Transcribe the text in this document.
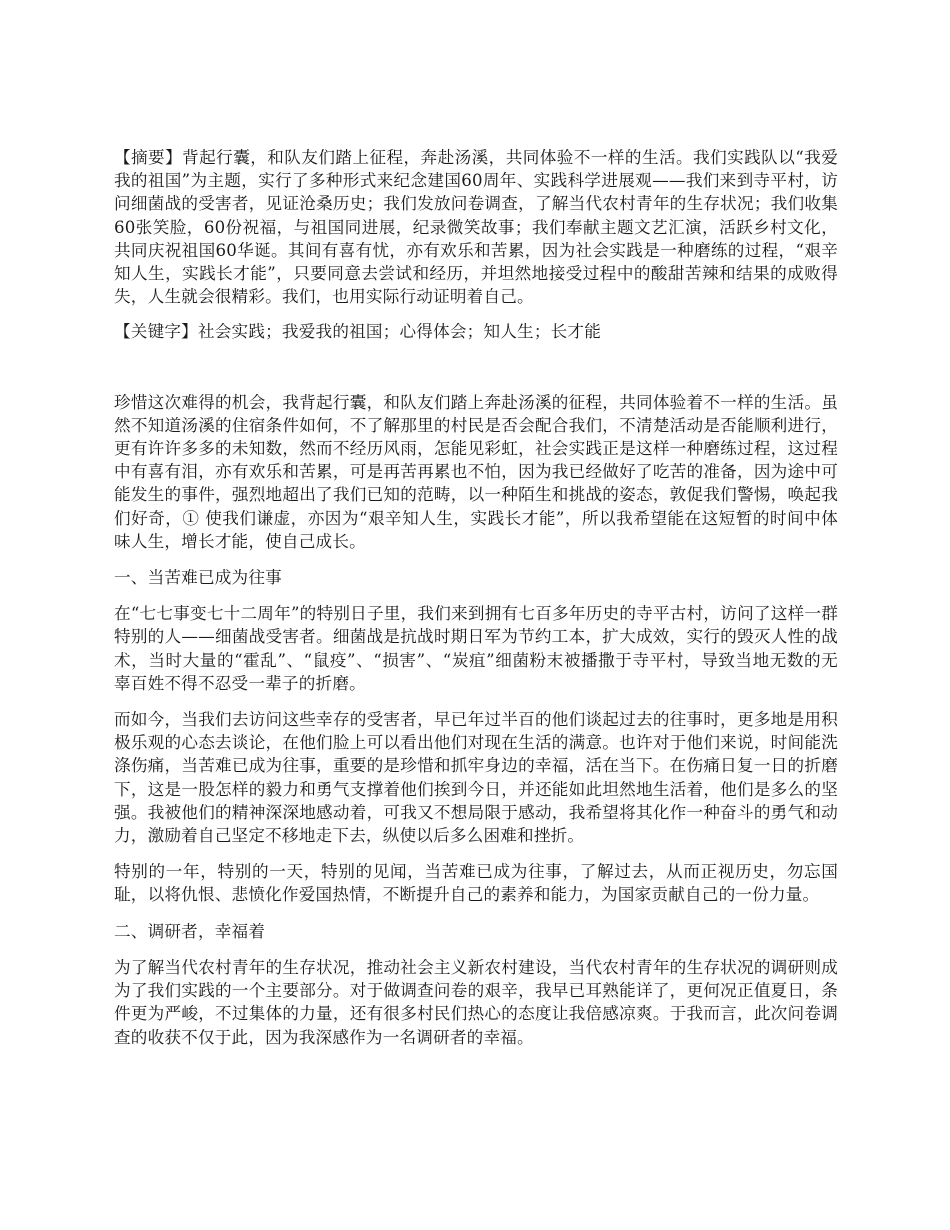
【摘要】背起行囊，和队友们踏上征程，奔赴汤溪，共同体验不一样的生活。我们实践队以“我爱我的祖国”为主题，实行了多种形式来纪念建国60周年、实践科学进展观——我们来到寺平村，访问细菌战的受害者，见证沧桑历史；我们发放问卷调查，了解当代农村青年的生存状况；我们收集60张笑脸，60份祝福，与祖国同进展，纪录微笑故事；我们奉献主题文艺汇演，活跃乡村文化，共同庆祝祖国60华诞。其间有喜有忧，亦有欢乐和苦累，因为社会实践是一种磨练的过程，“艰辛知人生，实践长才能”，只要同意去尝试和经历，并坦然地接受过程中的酸甜苦辣和结果的成败得失，人生就会很精彩。我们，也用实际行动证明着自己。

【关键字】社会实践；我爱我的祖国；心得体会；知人生；长才能

珍惜这次难得的机会，我背起行囊，和队友们踏上奔赴汤溪的征程，共同体验着不一样的生活。虽然不知道汤溪的住宿条件如何，不了解那里的村民是否会配合我们，不清楚活动是否能顺利进行，更有许许多多的未知数，然而不经历风雨，怎能见彩虹，社会实践正是这样一种磨练过程，这过程中有喜有泪，亦有欢乐和苦累，可是再苦再累也不怕，因为我已经做好了吃苦的准备，因为途中可能发生的事件，强烈地超出了我们已知的范畴，以一种陌生和挑战的姿态，敦促我们警惕，唤起我们好奇，① 使我们谦虚，亦因为“艰辛知人生，实践长才能”，所以我希望能在这短暂的时间中体味人生，增长才能，使自己成长。

一、当苦难已成为往事

在“七七事变七十二周年”的特别日子里，我们来到拥有七百多年历史的寺平古村，访问了这样一群特别的人——细菌战受害者。细菌战是抗战时期日军为节约工本，扩大成效，实行的毁灭人性的战术，当时大量的“霍乱”、“鼠疫”、“损害”、“炭疽”细菌粉末被播撒于寺平村，导致当地无数的无辜百姓不得不忍受一辈子的折磨。

而如今，当我们去访问这些幸存的受害者，早已年过半百的他们谈起过去的往事时，更多地是用积极乐观的心态去谈论，在他们脸上可以看出他们对现在生活的满意。也许对于他们来说，时间能洗涤伤痛，当苦难已成为往事，重要的是珍惜和抓牢身边的幸福，活在当下。在伤痛日复一日的折磨下，这是一股怎样的毅力和勇气支撑着他们挨到今日，并还能如此坦然地生活着，他们是多么的坚强。我被他们的精神深深地感动着，可我又不想局限于感动，我希望将其化作一种奋斗的勇气和动力，激励着自己坚定不移地走下去，纵使以后多么困难和挫折。

特别的一年，特别的一天，特别的见闻，当苦难已成为往事，了解过去，从而正视历史，勿忘国耻，以将仇恨、悲愤化作爱国热情，不断提升自己的素养和能力，为国家贡献自己的一份力量。

二、调研者，幸福着

为了解当代农村青年的生存状况，推动社会主义新农村建设，当代农村青年的生存状况的调研则成为了我们实践的一个主要部分。对于做调查问卷的艰辛，我早已耳熟能详了，更何况正值夏日，条件更为严峻，不过集体的力量，还有很多村民们热心的态度让我倍感凉爽。于我而言，此次问卷调查的收获不仅于此，因为我深感作为一名调研者的幸福。
